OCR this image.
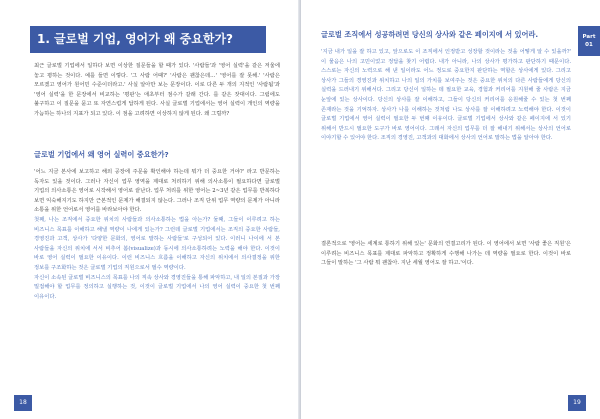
1. 글로벌 기업, 영어가 왜 중요한가?

최근 글로벌 기업에서 일하다 보면 이상한 질문들을 할 때가 있다. '사람들'과 '영어 실력'을 같은 저울에 놓고 평하는 것이다. 예를 들면 이렇다. '그 사람 어때?' '사람은 괜찮은데…' '영어를 잘 못해.' '사람은 모르겠고 영어가 원어민 수준이더라고.' 사실 알아만 보는 문장이다. 이로 다른 두 개의 지적인 '사람됨'과 '영어 실력'을 한 문장에서 비교하는 '평판'는 애초부터 점수가 갈래 간다. 를 같은 잣대이다. 그럼에도 불구하고 이 질문을 묻고 또 자연스럽게 답하게 된다. 사실 글로벌 기업에서는 영어 실력이 개인의 역량을 가늠하는 하나의 지표가 되고 있다. 이 점을 고려하면 이상하지 않게 된다. 왜 그럴까?

글로벌 기업에서 왜 영어 실력이 중요한가?

'어느 지금 본사에 보고하고 해외 공장에 주문을 확인해야 하는데 뭐가 더 중요한 거야?' 라고 반문하는 독자도 있을 것이다. 그러나 자신이 업무 영역을 제대로 처리하기 위해 의사소통이 필요하다면 글로벌 기업의 의사소통은 영어로 시작해서 영어로 끝난다. 업무 처리를 위한 영어는 2~3년 같은 업무를 반복하다 보면 익숙해지기도 하지만 근본적인 문제가 해결되지 않는다. 그러나 조직 단위 업무 역량의 문제가 아니라 소통을 위한 언어로서 영어를 바라보아야 한다.

첫째, 나는 조직에서 중요한 위치의 사람들과 의사소통하는 법을 아는가? 둘째, 그들이 이루려고 하는 비즈니스 목표를 이해하고 해낼 역량이 나에게 있는가? 그런데 글로벌 기업에서는 조직의 중요한 사람들, 경영진과 고객, 상사가 '다양한 문화의, 영어로 말하는 사람들'로 구성되어 있다. 이러니 나이에 서 본 사람들을 자신의 위치에 서서 비추어 봄(visualize)과 동시에 의사소통하려는 노력을 해야 한다. 이것이 바로 영어 실력이 필요한 이유이다. 이런 비즈니스 흐름을 이해하고 자신의 위치에서 의사결정을 위한 정보를 구조화하는 것은 글로벌 기업의 직원으로서 필수 역량이다.

자신이 소속된 글로벌 비즈니스의 목표를 나의 직속 상사와 경영진들을 통해 파악하고, 내 일의 본질과 가장 밀접해야 할 업무를 정의하고 실행하는 것, 이것이 글로벌 기업에서 나의 영어 실력이 중요한 첫 번째 이유이다.

18
Part 01
글로벌 조직에서 성공하려면 당신의 상사와 같은 페이지에 서 있어라.

'지금 내가 일을 잘 하고 있고, 앞으로도 이 조직에서 인정받고 성장할 것이라는 것을 어떻게 알 수 있을까?' 이 물음은 나의 고민이었고 정답을 찾기 어렵다. 내가 아니라, 나의 상사가 평가하고 판단하기 때문이다. 스스로는 자신의 노력으로 해 낸 일이라도 어느 정도로 중요한지 판단하는 역할은 상사에게 있다. 그리고 상사가 그들의 경영진과 위치하고 나의 일의 가치를 보여주는 것은 중요한 위치의 다른 사람들에게 당신의 실력을 드러내기 위해서다. 그리고 당신이 일하는 데 필요한 교육, 경험과 커리어를 지원해 줄 사람은 지금 눈앞에 있는 상사이다. 당신의 상사를 잘 이해하고, 그들이 당신의 커리어를 응원해줄 수 있는 첫 번째 존재라는 것을 기억하자. 상사가 나를 이해하는 것처럼 나도 상사를 잘 이해하려고 노력해야 한다. 이것이 글로벌 기업에서 영어 실력이 필요한 두 번째 이유이다. 글로벌 기업에서 상사와 같은 페이지에 서 있기 위해서 반드시 필요한 도구가 바로 영어이다. 그래서 자신의 업무를 더 잘 해내기 위해서는 상사의 언어로 이야기할 수 있어야 한다. 조직의 경영진, 고객과의 대화에서 상사의 언어로 말하는 법을 알아야 한다.

결론적으로 '영어는 세계로 통하기 위해 있는' 문화의 연결고리가 된다. 이 영어에서 보면 '사람 좋은 직원'은 이루려는 비즈니스 목표를 제대로 파악하고 정확하게 수행해 나가는 데 역량을 필요로 한다. 이것이 바로 그들이 말하는 '그 사람 뭐 괜찮아. 지난 세월 영어도 잘 하고.'이다.

19
